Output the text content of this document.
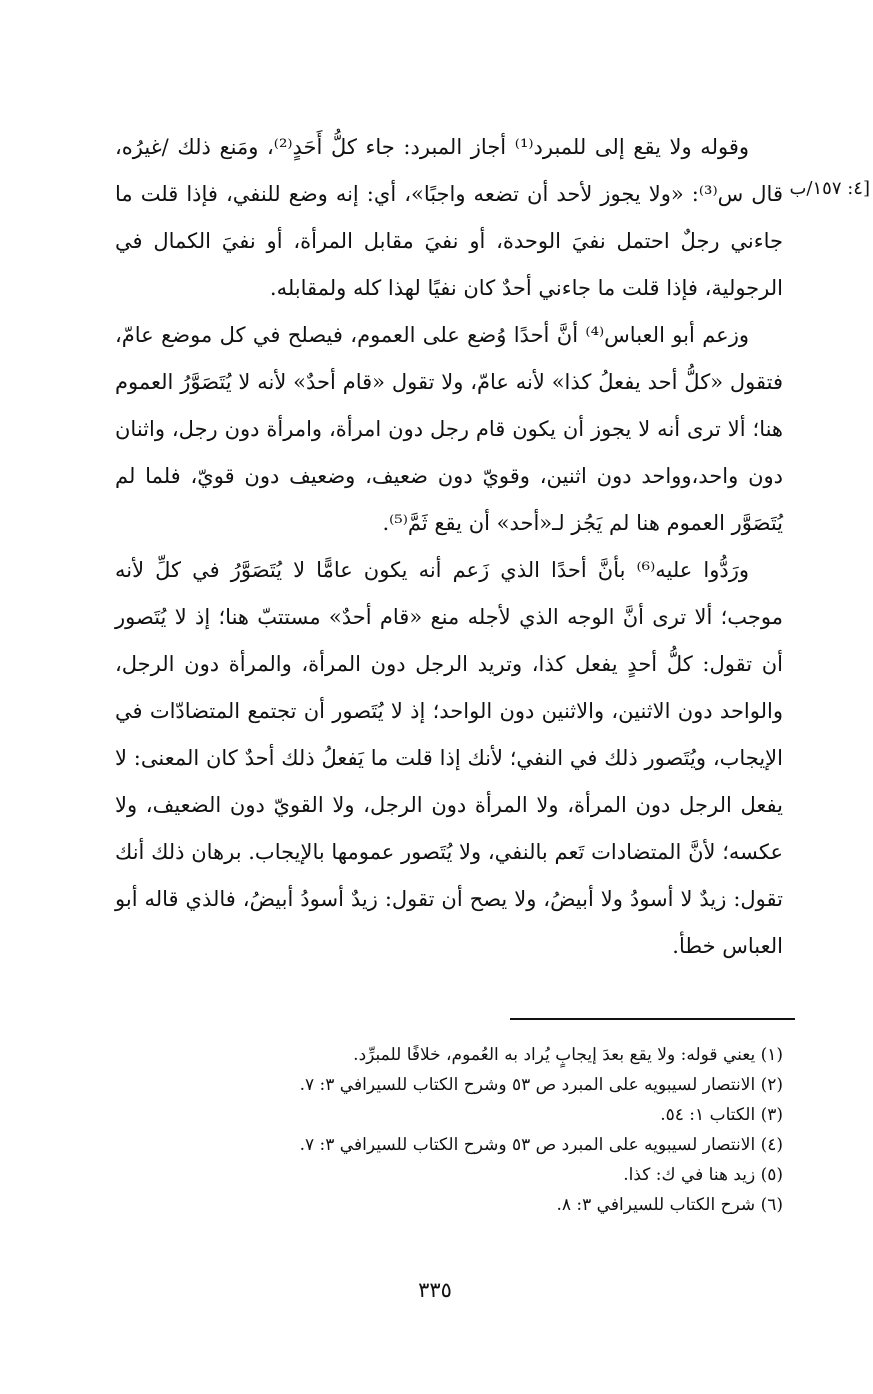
[٤: ١٥٧/ب

وقوله ولا يقع إلى للمبرد⁽¹⁾ أجاز المبرد: جاء كلُّ أَحَدٍ⁽²⁾، ومَنع ذلك /غيرُه، قال س⁽³⁾: «ولا يجوز لأحد أن تضعه واجبًا»، أي: إنه وضع للنفي، فإذا قلت ما جاءني رجلٌ احتمل نفيَ الوحدة، أو نفيَ مقابل المرأة، أو نفيَ الكمال في الرجولية، فإذا قلت ما جاءني أحدٌ كان نفيًا لهذا كله ولمقابله.

وزعم أبو العباس⁽⁴⁾ أنَّ أحدًا وُضع على العموم، فيصلح في كل موضع عامّ، فتقول «كلُّ أحد يفعلُ كذا» لأنه عامّ، ولا تقول «قام أحدٌ» لأنه لا يُتَصَوَّرُ العموم هنا؛ ألا ترى أنه لا يجوز أن يكون قام رجل دون امرأة، وامرأة دون رجل، واثنان دون واحد،وواحد دون اثنين، وقويّ دون ضعيف، وضعيف دون قويّ، فلما لم يُتَصَوَّر العموم هنا لم يَجُز لـ«أحد» أن يقع ثَمَّ⁽⁵⁾.

ورَدُّوا عليه⁽⁶⁾ بأنَّ أحدًا الذي زَعم أنه يكون عامًّا لا يُتَصَوَّرُ في كلِّ لأنه موجب؛ ألا ترى أنَّ الوجه الذي لأجله منع «قام أحدٌ» مستتبّ هنا؛ إذ لا يُتَصور أن تقول: كلُّ أحدٍ يفعل كذا، وتريد الرجل دون المرأة، والمرأة دون الرجل، والواحد دون الاثنين، والاثنين دون الواحد؛ إذ لا يُتَصور أن تجتمع المتضادّات في الإيجاب، ويُتَصور ذلك في النفي؛ لأنك إذا قلت ما يَفعلُ ذلك أحدٌ كان المعنى: لا يفعل الرجل دون المرأة، ولا المرأة دون الرجل، ولا القويّ دون الضعيف، ولا عكسه؛ لأنَّ المتضادات تَعم بالنفي، ولا يُتَصور عمومها بالإيجاب. برهان ذلك أنك تقول: زيدٌ لا أسودُ ولا أبيضُ، ولا يصح أن تقول: زيدٌ أسودُ أبيضُ، فالذي قاله أبو العباس خطأ.

(١) يعني قوله: ولا يقع بعدَ إيجابٍ يُراد به العُموم، خلافًا للمبرِّد.
(٢) الانتصار لسيبويه على المبرد ص ٥٣ وشرح الكتاب للسيرافي ٣: ٧.
(٣) الكتاب ١: ٥٤.
(٤) الانتصار لسيبويه على المبرد ص ٥٣ وشرح الكتاب للسيرافي ٣: ٧.
(٥) زيد هنا في ك: كذا.
(٦) شرح الكتاب للسيرافي ٣: ٨.
٣٣٥
